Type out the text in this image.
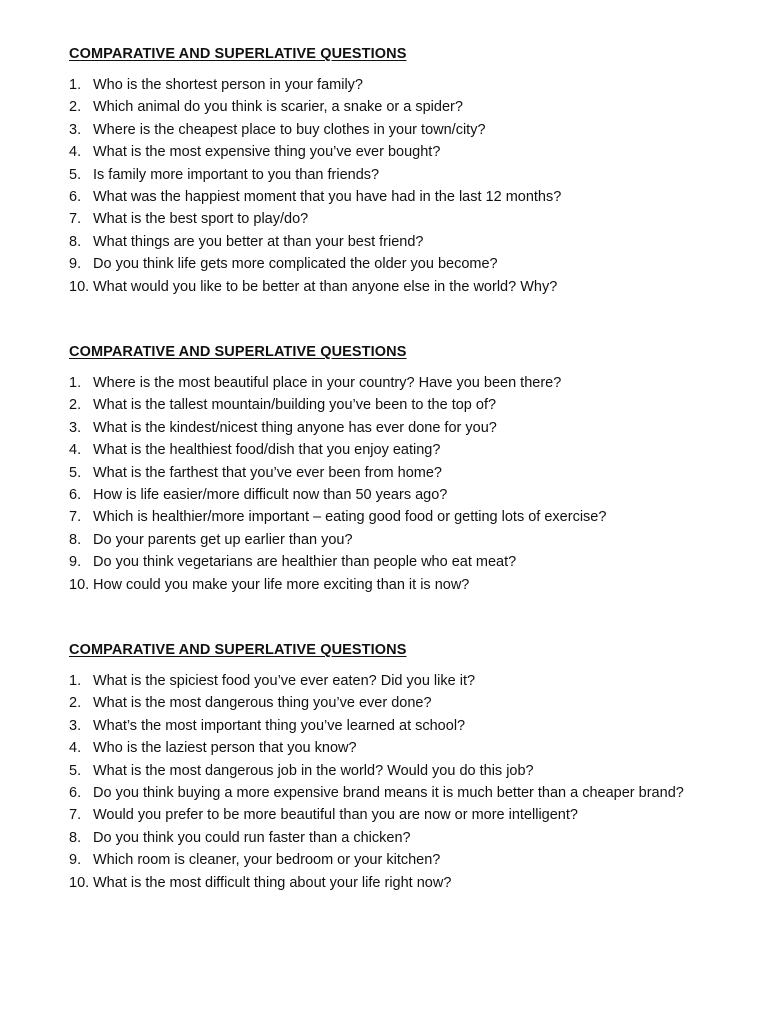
COMPARATIVE AND SUPERLATIVE QUESTIONS
1. Who is the shortest person in your family?
2. Which animal do you think is scarier, a snake or a spider?
3. Where is the cheapest place to buy clothes in your town/city?
4. What is the most expensive thing you’ve ever bought?
5. Is family more important to you than friends?
6. What was the happiest moment that you have had in the last 12 months?
7. What is the best sport to play/do?
8. What things are you better at than your best friend?
9. Do you think life gets more complicated the older you become?
10. What would you like to be better at than anyone else in the world? Why?
COMPARATIVE AND SUPERLATIVE QUESTIONS
1. Where is the most beautiful place in your country? Have you been there?
2. What is the tallest mountain/building you’ve been to the top of?
3. What is the kindest/nicest thing anyone has ever done for you?
4. What is the healthiest food/dish that you enjoy eating?
5. What is the farthest that you’ve ever been from home?
6. How is life easier/more difficult now than 50 years ago?
7. Which is healthier/more important – eating good food or getting lots of exercise?
8. Do your parents get up earlier than you?
9. Do you think vegetarians are healthier than people who eat meat?
10. How could you make your life more exciting than it is now?
COMPARATIVE AND SUPERLATIVE QUESTIONS
1. What is the spiciest food you’ve ever eaten? Did you like it?
2. What is the most dangerous thing you’ve ever done?
3. What’s the most important thing you’ve learned at school?
4. Who is the laziest person that you know?
5. What is the most dangerous job in the world? Would you do this job?
6. Do you think buying a more expensive brand means it is much better than a cheaper brand?
7. Would you prefer to be more beautiful than you are now or more intelligent?
8. Do you think you could run faster than a chicken?
9. Which room is cleaner, your bedroom or your kitchen?
10. What is the most difficult thing about your life right now?
